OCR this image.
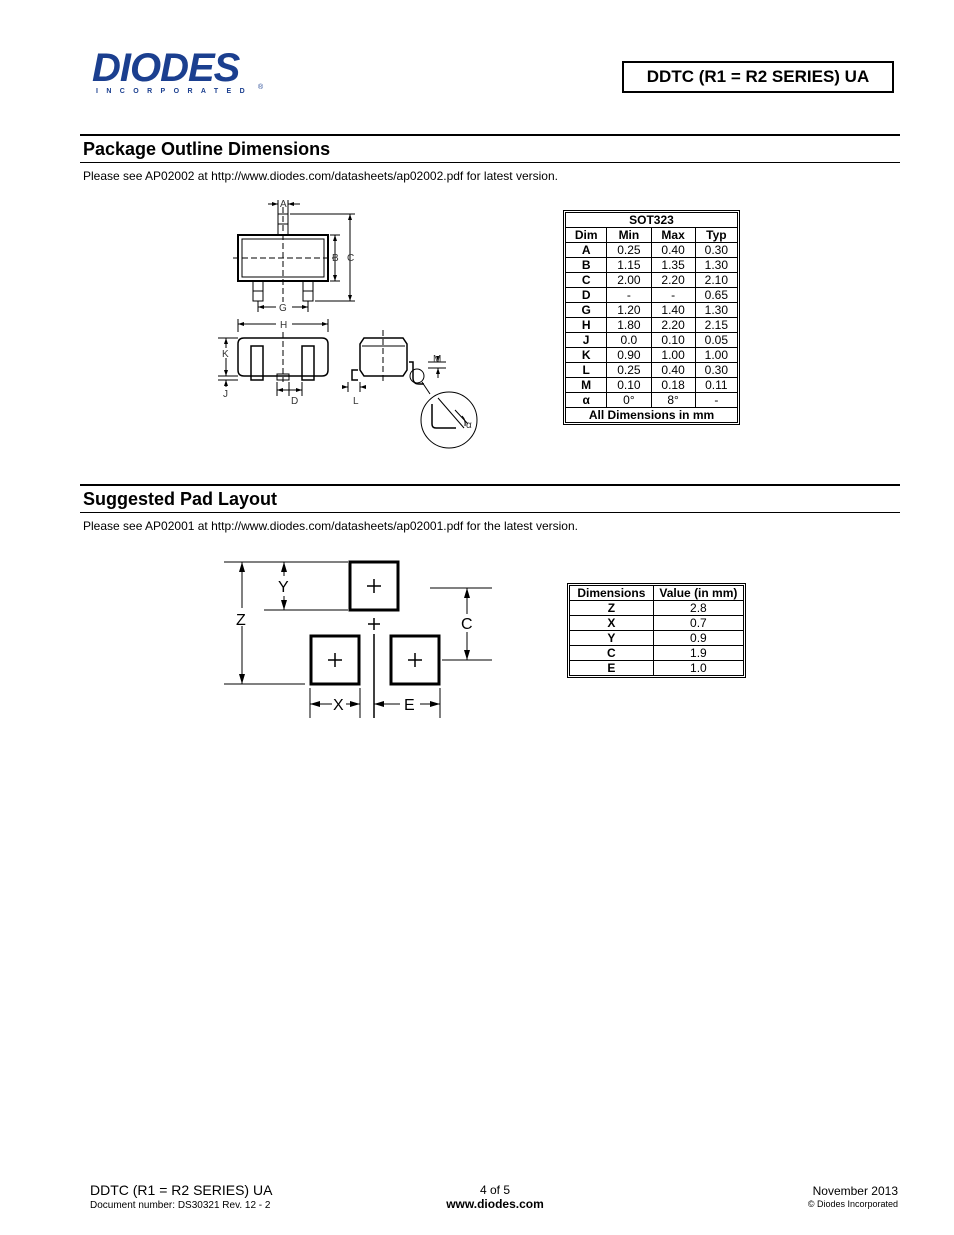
DIODES
INCORPORATED
®
DDTC (R1 = R2 SERIES) UA
Package Outline Dimensions
Please see AP02002 at http://www.diodes.com/datasheets/ap02002.pdf for latest version.
A
B C
G
H
K
J
D	L
M
α
SOT323			
Dim	Min	Max	Typ
A	0.25	0.40	0.30
B	1.15	1.35	1.30
C	2.00	2.20	2.10
D	-	-	0.65
G	1.20	1.40	1.30
H	1.80	2.20	2.15
J	0.0	0.10	0.05
K	0.90	1.00	1.00
L	0.25	0.40	0.30
M	0.10	0.18	0.11
α	0°	8°	-
All Dimensions in mm			
Suggested Pad Layout
Please see AP02001 at http://www.diodes.com/datasheets/ap02001.pdf for the latest version.
Z
Y
C
X	E
Dimensions	Value (in mm)
Z	2.8
X	0.7
Y	0.9
C	1.9
E	1.0
DDTC (R1 = R2 SERIES) UA
Document number: DS30321 Rev. 12 - 2
4 of 5
www.diodes.com
November 2013
© Diodes Incorporated
